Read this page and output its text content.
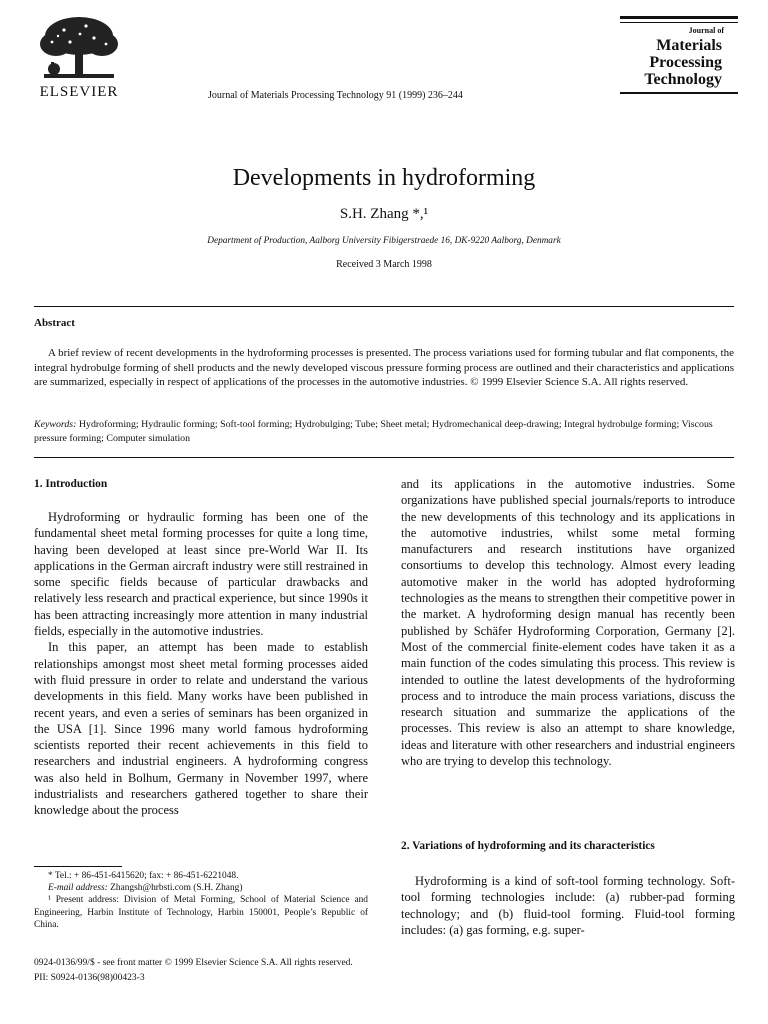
ELSEVIER	Journal of Materials Processing Technology 91 (1999) 236–244
Journal of
Materials
Processing
Technology
Developments in hydroforming
S.H. Zhang *,¹
Department of Production, Aalborg University Fibigerstraede 16, DK-9220 Aalborg, Denmark
Received 3 March 1998
Abstract
A brief review of recent developments in the hydroforming processes is presented. The process variations used for forming tubular and flat components, the integral hydrobulge forming of shell products and the newly developed viscous pressure forming process are outlined and their characteristics and applications are summarized, especially in respect of applications of the processes in the automotive industries. © 1999 Elsevier Science S.A. All rights reserved.
Keywords: Hydroforming; Hydraulic forming; Soft-tool forming; Hydrobulging; Tube; Sheet metal; Hydromechanical deep-drawing; Integral hydrobulge forming; Viscous pressure forming; Computer simulation
1. Introduction

Hydroforming or hydraulic forming has been one of the fundamental sheet metal forming processes for quite a long time, having been developed at least since pre-World War II. Its applications in the German aircraft industry were still restrained in some specific fields because of particular drawbacks and relatively less research and practical experience, but since 1990s it has been attracting increasingly more attention in many industrial fields, especially in the automotive industries.

In this paper, an attempt has been made to establish relationships amongst most sheet metal forming processes aided with fluid pressure in order to relate and understand the various developments in this field. Many works have been published in recent years, and even a series of seminars has been organized in the USA [1]. Since 1996 many world famous hydroforming scientists reported their recent achievements in this field to researchers and industrial engineers. A hydroforming congress was also held in Bolhum, Germany in November 1997, where industrialists and researchers gathered together to share their knowledge about the process

* Tel.: + 86-451-6415620; fax: + 86-451-6221048.

E-mail address: Zhangsh@hrbsti.com (S.H. Zhang)

¹ Present address: Division of Metal Forming, School of Material Science and Engineering, Harbin Institute of Technology, Harbin 150001, People’s Republic of China.

and its applications in the automotive industries. Some organizations have published special journals/reports to introduce the new developments of this technology and its applications in the automotive industries, whilst some metal forming manufacturers and research institutions have organized consortiums to develop this technology. Almost every leading automotive maker in the world has adopted hydroforming technologies as the means to strengthen their competitive power in the market. A hydroforming design manual has recently been published by Schäfer Hydroforming Corporation, Germany [2]. Most of the commercial finite-element codes have taken it as a main function of the codes simulating this process. This review is intended to outline the latest developments of the hydroforming process and to introduce the main process variations, discuss the research situation and summarize the applications of the processes. This review is also an attempt to share knowledge, ideas and literature with other researchers and industrial engineers who are trying to develop this technology.

2. Variations of hydroforming and its characteristics

Hydroforming is a kind of soft-tool forming technology. Soft-tool forming technologies include: (a) rubber-pad forming technology; and (b) fluid-tool forming. Fluid-tool forming includes: (a) gas forming, e.g. super-

0924-0136/99/$ - see front matter © 1999 Elsevier Science S.A. All rights reserved.
PII: S0924-0136(98)00423-3
